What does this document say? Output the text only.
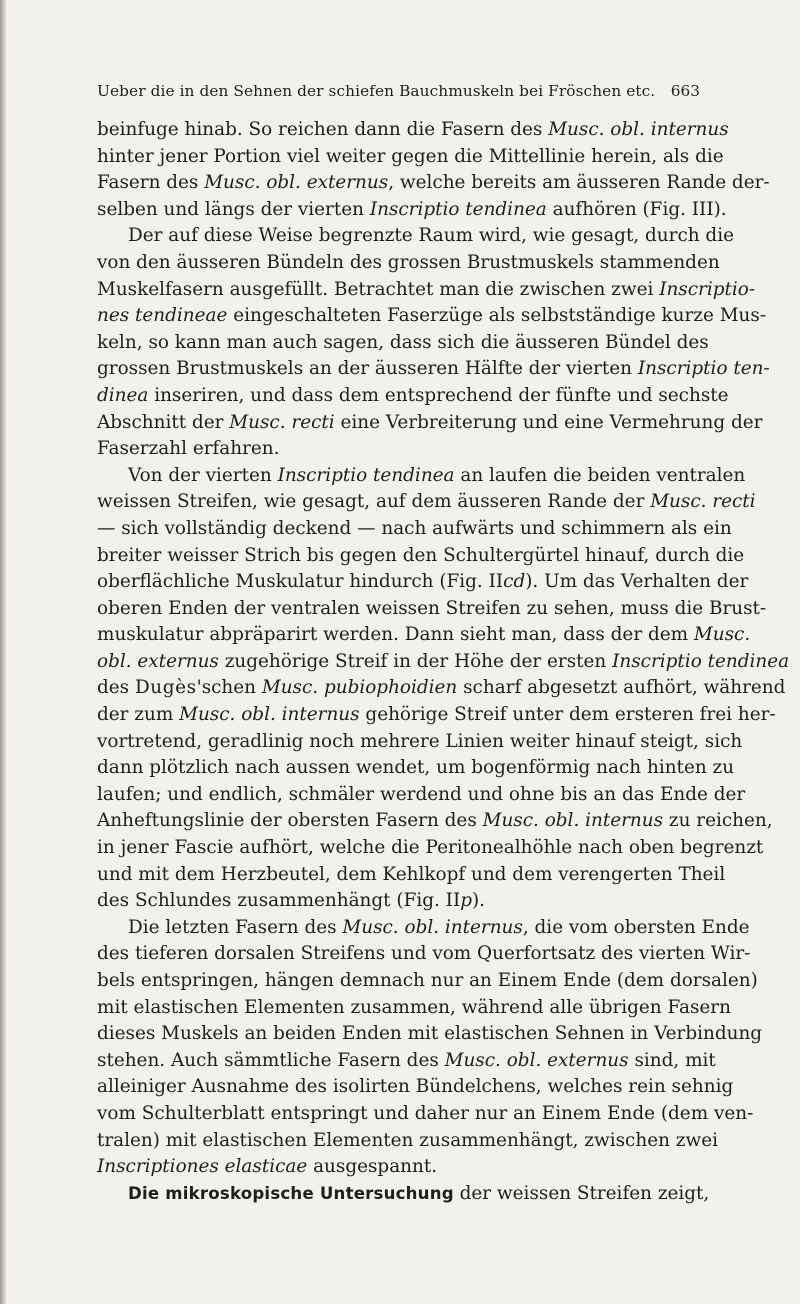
Ueber die in den Sehnen der schiefen Bauchmuskeln bei Fröschen etc.	663
beinfuge hinab. So reichen dann die Fasern des Musc. obl. internus
hinter jener Portion viel weiter gegen die Mittellinie herein, als die
Fasern des Musc. obl. externus, welche bereits am äusseren Rande der-
selben und längs der vierten Inscriptio tendinea aufhören (Fig. III).
Der auf diese Weise begrenzte Raum wird, wie gesagt, durch die
von den äusseren Bündeln des grossen Brustmuskels stammenden
Muskelfasern ausgefüllt. Betrachtet man die zwischen zwei Inscriptio-
nes tendineae eingeschalteten Faserzüge als selbstständige kurze Mus-
keln, so kann man auch sagen, dass sich die äusseren Bündel des
grossen Brustmuskels an der äusseren Hälfte der vierten Inscriptio ten-
dinea inseriren, und dass dem entsprechend der fünfte und sechste
Abschnitt der Musc. recti eine Verbreiterung und eine Vermehrung der
Faserzahl erfahren.
Von der vierten Inscriptio tendinea an laufen die beiden ventralen
weissen Streifen, wie gesagt, auf dem äusseren Rande der Musc. recti
— sich vollständig deckend — nach aufwärts und schimmern als ein
breiter weisser Strich bis gegen den Schultergürtel hinauf, durch die
oberflächliche Muskulatur hindurch (Fig. IIcd). Um das Verhalten der
oberen Enden der ventralen weissen Streifen zu sehen, muss die Brust-
muskulatur abpräparirt werden. Dann sieht man, dass der dem Musc.
obl. externus zugehörige Streif in der Höhe der ersten Inscriptio tendinea
des Dugès'schen Musc. pubiophoidien scharf abgesetzt aufhört, während
der zum Musc. obl. internus gehörige Streif unter dem ersteren frei her-
vortretend, geradlinig noch mehrere Linien weiter hinauf steigt, sich
dann plötzlich nach aussen wendet, um bogenförmig nach hinten zu
laufen; und endlich, schmäler werdend und ohne bis an das Ende der
Anheftungslinie der obersten Fasern des Musc. obl. internus zu reichen,
in jener Fascie aufhört, welche die Peritonealhöhle nach oben begrenzt
und mit dem Herzbeutel, dem Kehlkopf und dem verengerten Theil
des Schlundes zusammenhängt (Fig. IIp).
Die letzten Fasern des Musc. obl. internus, die vom obersten Ende
des tieferen dorsalen Streifens und vom Querfortsatz des vierten Wir-
bels entspringen, hängen demnach nur an Einem Ende (dem dorsalen)
mit elastischen Elementen zusammen, während alle übrigen Fasern
dieses Muskels an beiden Enden mit elastischen Sehnen in Verbindung
stehen. Auch sämmtliche Fasern des Musc. obl. externus sind, mit
alleiniger Ausnahme des isolirten Bündelchens, welches rein sehnig
vom Schulterblatt entspringt und daher nur an Einem Ende (dem ven-
tralen) mit elastischen Elementen zusammenhängt, zwischen zwei
Inscriptiones elasticae ausgespannt.
Die mikroskopische Untersuchung der weissen Streifen zeigt,
